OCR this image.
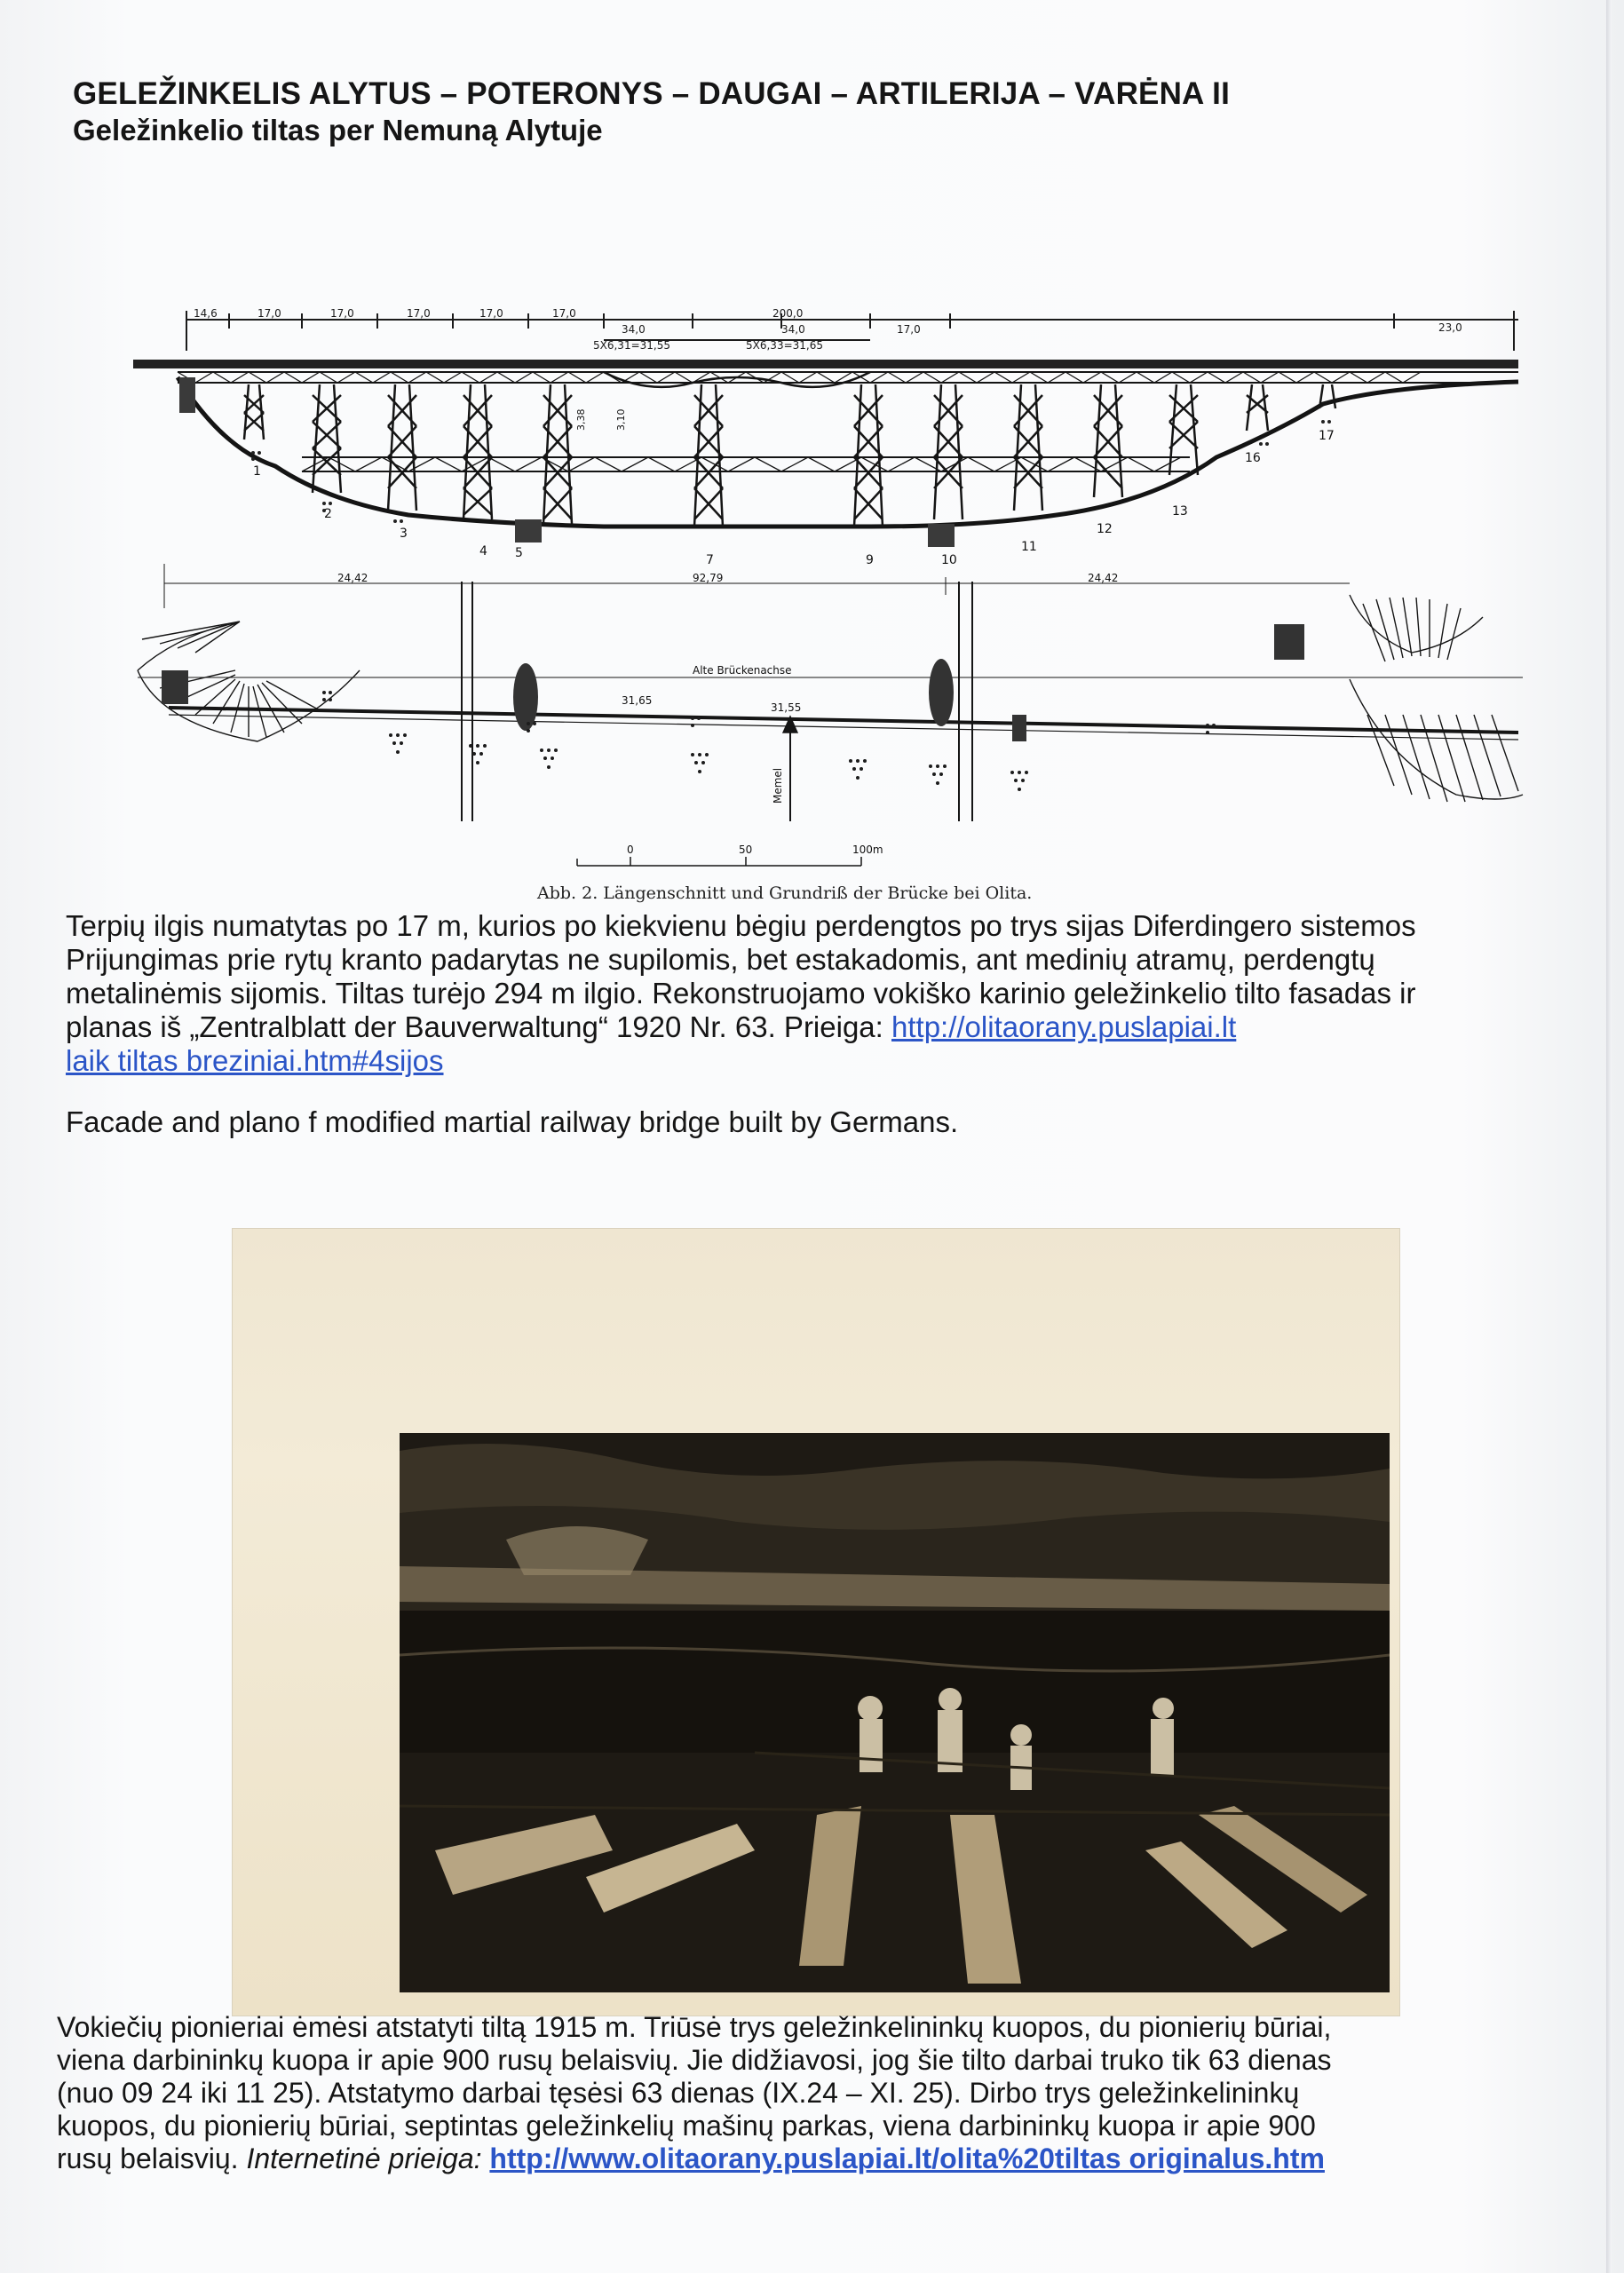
GELEŽINKELIS ALYTUS – POTERONYS – DAUGAI – ARTILERIJA – VARĖNA II
Geležinkelio tiltas per Nemuną Alytuje
14,6	17,0	17,0	17,0	17,0	17,0
34,0	34,0
200,0
5X6,31=31,55	5X6,33=31,65
17,0	23,0
1
2
3
4 5	7	9	10
11
12
13
16
17
3,38	3,10
24,42	92,79	24,42
Alte Brückenachse
31,65
31,55
Memel
0	50	100m
Abb. 2. Längenschnitt und Grundriß der Brücke bei Olita.
Terpių ilgis numatytas po 17 m, kurios po kiekvienu bėgiu perdengtos po trys sijas Diferdingero sistemos
Prijungimas prie rytų kranto padarytas ne supilomis, bet estakadomis, ant medinių atramų, perdengtų
metalinėmis sijomis. Tiltas turėjo 294 m ilgio. Rekonstruojamo vokiško karinio geležinkelio tilto fasadas ir
planas iš „Zentralblatt der Bauverwaltung“ 1920 Nr. 63. Prieiga: http://olitaorany.puslapiai.lt
laik tiltas breziniai.htm#4sijos
Facade and plano f modified martial railway bridge built by Germans.
Vokiečių pionieriai ėmėsi atstatyti tiltą 1915 m. Triūsė trys geležinkelininkų kuopos, du pionierių būriai,
viena darbininkų kuopa ir apie 900 rusų belaisvių. Jie didžiavosi, jog šie tilto darbai truko tik 63 dienas
(nuo 09 24 iki 11 25). Atstatymo darbai tęsėsi 63 dienas (IX.24 – XI. 25). Dirbo trys geležinkelininkų
kuopos, du pionierių būriai, septintas geležinkelių mašinų parkas, viena darbininkų kuopa ir apie 900
rusų belaisvių. Internetinė prieiga: http://www.olitaorany.puslapiai.lt/olita%20tiltas originalus.htm
